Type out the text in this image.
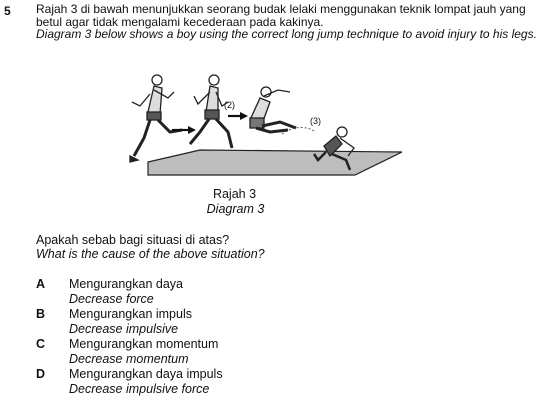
5 Rajah 3 di bawah menunjukkan seorang budak lelaki menggunakan teknik lompat jauh yang betul agar tidak mengalami kecederaan pada kakinya.
Diagram 3 below shows a boy using the correct long jump technique to avoid injury to his legs.
(2)
(3)
Rajah 3
Diagram 3
Apakah sebab bagi situasi di atas?
What is the cause of the above situation?
A Mengurangkan daya
Decrease force
B Mengurangkan impuls
Decrease impulsive
C Mengurangkan momentum
Decrease momentum
D Mengurangkan daya impuls
Decrease impulsive force
